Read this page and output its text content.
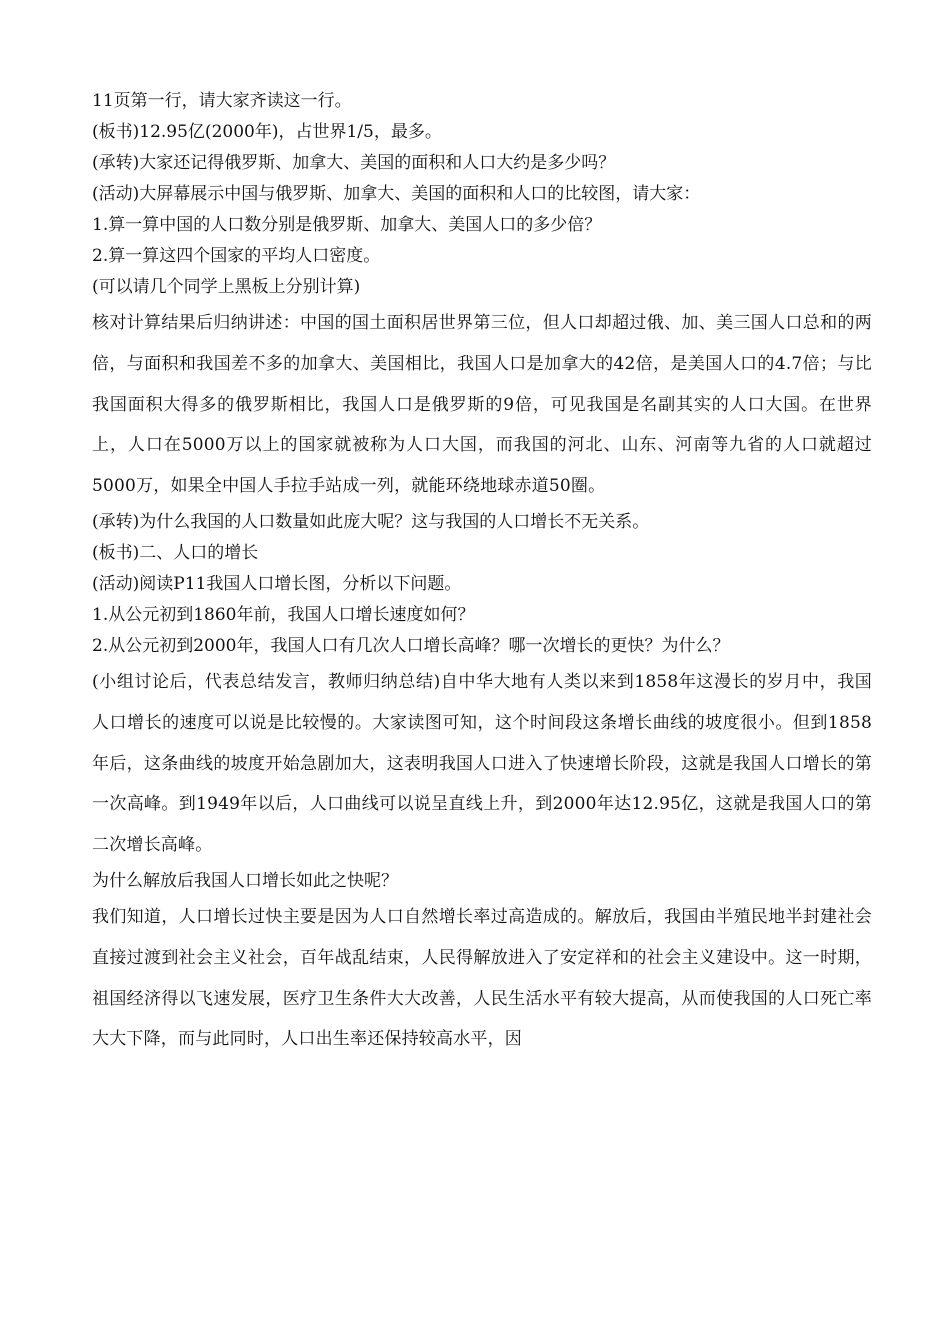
11页第一行，请大家齐读这一行。

(板书)12.95亿(2000年)，占世界1/5，最多。

(承转)大家还记得俄罗斯、加拿大、美国的面积和人口大约是多少吗？

(活动)大屏幕展示中国与俄罗斯、加拿大、美国的面积和人口的比较图，请大家：

1.算一算中国的人口数分别是俄罗斯、加拿大、美国人口的多少倍？

2.算一算这四个国家的平均人口密度。

(可以请几个同学上黑板上分别计算)

核对计算结果后归纳讲述：中国的国土面积居世界第三位，但人口却超过俄、加、美三国人口总和的两倍，与面积和我国差不多的加拿大、美国相比，我国人口是加拿大的42倍，是美国人口的4.7倍；与比我国面积大得多的俄罗斯相比，我国人口是俄罗斯的9倍，可见我国是名副其实的人口大国。在世界上，人口在5000万以上的国家就被称为人口大国，而我国的河北、山东、河南等九省的人口就超过5000万，如果全中国人手拉手站成一列，就能环绕地球赤道50圈。

(承转)为什么我国的人口数量如此庞大呢？这与我国的人口增长不无关系。

(板书)二、人口的增长

(活动)阅读P11我国人口增长图，分析以下问题。

1.从公元初到1860年前，我国人口增长速度如何？

2.从公元初到2000年，我国人口有几次人口增长高峰？哪一次增长的更快？为什么？

(小组讨论后，代表总结发言，教师归纳总结)自中华大地有人类以来到1858年这漫长的岁月中，我国人口增长的速度可以说是比较慢的。大家读图可知，这个时间段这条增长曲线的坡度很小。但到1858年后，这条曲线的坡度开始急剧加大，这表明我国人口进入了快速增长阶段，这就是我国人口增长的第一次高峰。到1949年以后，人口曲线可以说呈直线上升，到2000年达12.95亿，这就是我国人口的第二次增长高峰。

为什么解放后我国人口增长如此之快呢？

我们知道，人口增长过快主要是因为人口自然增长率过高造成的。解放后，我国由半殖民地半封建社会直接过渡到社会主义社会，百年战乱结束，人民得解放进入了安定祥和的社会主义建设中。这一时期，祖国经济得以飞速发展，医疗卫生条件大大改善，人民生活水平有较大提高，从而使我国的人口死亡率大大下降，而与此同时，人口出生率还保持较高水平，因
